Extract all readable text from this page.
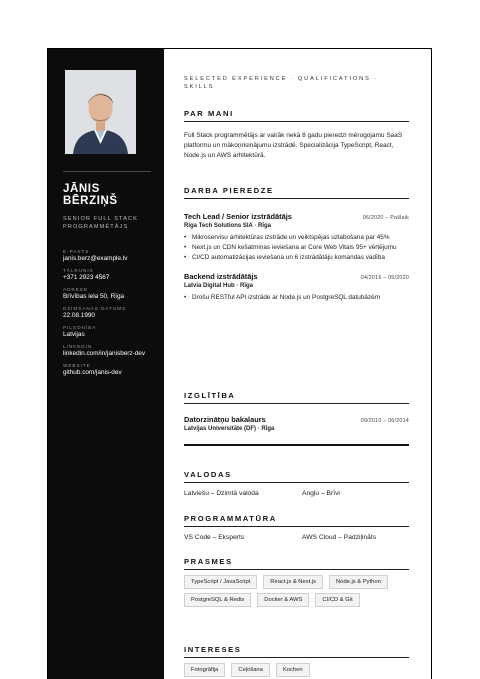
JĀNIS
BĒRZIŅŠ
SENIOR FULL STACK PROGRAMMĒTĀJS
E-PASTS
janis.berz@example.lv
TĀLRUNIS
+371 2923 4567
ADRESE
Brīvības iela 50, Rīga
DZIMŠANAS DATUMS
22.08.1990
PILSONĪBA
Latvijas
LINKEDIN
linkedin.com/in/janisberz-dev
WEBSITE
github.com/janis-dev
SELECTED EXPERIENCE · QUALIFICATIONS · SKILLS
PAR MANI

Full Stack programmētājs ar vairāk nekā 8 gadu pieredzi mērogojamu SaaS platformu un mākoņrisinājumu izstrādē. Specializācija TypeScript, React, Node.js un AWS arhitektūrā.

DARBA PIEREDZE
Tech Lead / Senior izstrādātājs	06/2020 – Pašlaik
Riga Tech Solutions SIA · Rīga
• Mikroservisu arhitektūras izstrāde un veiktspējas uzlabošana par 45%
• Next.js un CDN kešatmiņas ieviešana ar Core Web Vitals 95+ vērtējumu
• CI/CD automatizācijas ieviešana un 6 izstrādātāju komandas vadība
Backend izstrādātājs	04/2016 – 05/2020
Latvia Digital Hub · Rīga
• Drošu RESTful API izstrāde ar Node.js un PostgreSQL datubāzēm
IZGLĪTĪBA
Datorzinātņu bakalaurs	09/2010 – 06/2014
Latvijas Universitāte (DF) · Rīga
VALODAS
Latviešu – Dzimtā valoda	Angļu – Brīvi
PROGRAMMATŪRA
VS Code – Eksperts	AWS Cloud – Padziļināts
PRASMES
TypeScript / JavaScript	React.js & Next.js	Node.js & Python
PostgreSQL & Redis	Docker & AWS	CI/CD & Git
INTERESES
Fotogrāfija	Ceļošana	Kochen
